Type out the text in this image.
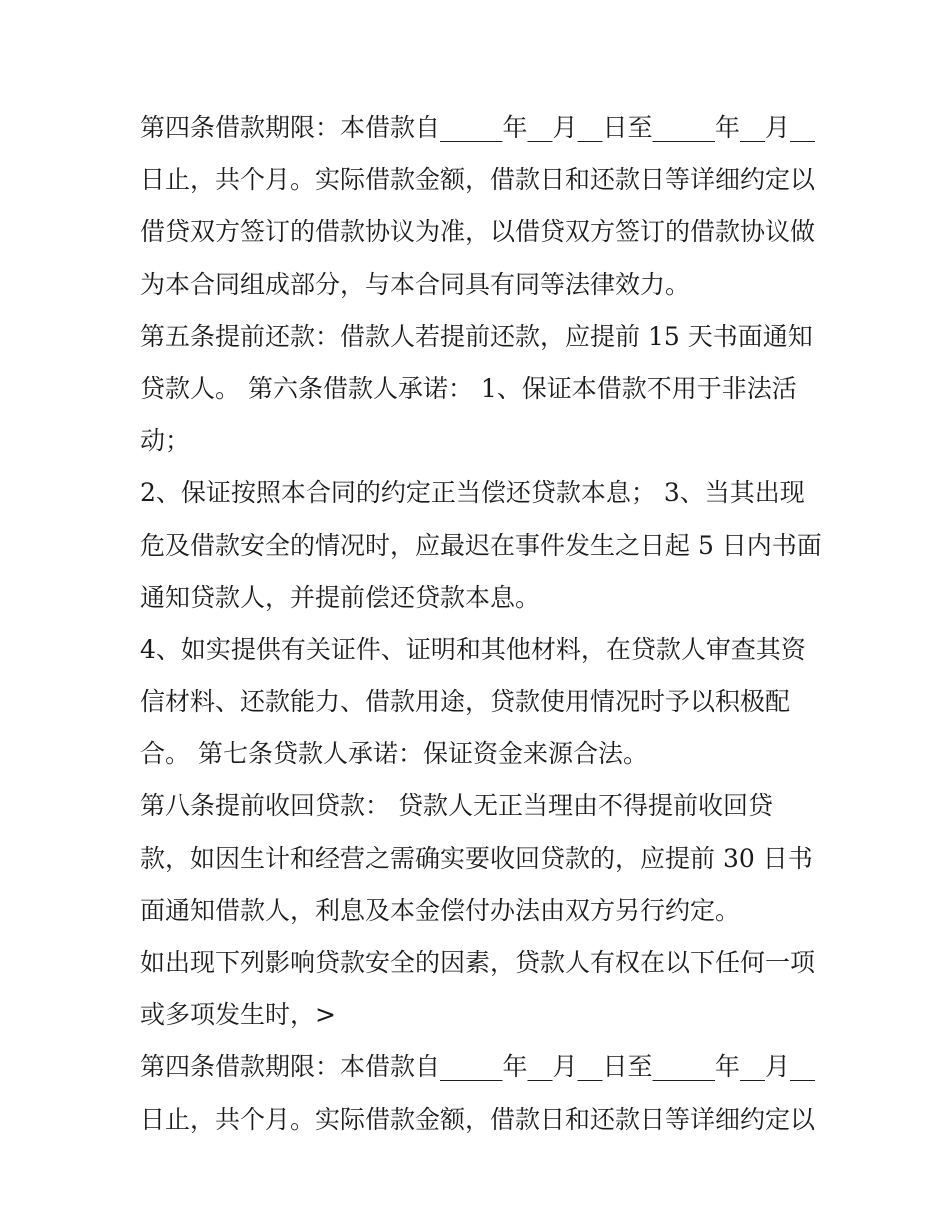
第四条借款期限：本借款自_____年__月__日至_____年__月__
日止，共个月。实际借款金额，借款日和还款日等详细约定以
借贷双方签订的借款协议为准，以借贷双方签订的借款协议做
为本合同组成部分，与本合同具有同等法律效力。
第五条提前还款：借款人若提前还款，应提前 15 天书面通知
贷款人。 第六条借款人承诺： 1、保证本借款不用于非法活
动；
2、保证按照本合同的约定正当偿还贷款本息； 3、当其出现
危及借款安全的情况时，应最迟在事件发生之日起 5 日内书面
通知贷款人，并提前偿还贷款本息。
4、如实提供有关证件、证明和其他材料，在贷款人审查其资
信材料、还款能力、借款用途，贷款使用情况时予以积极配
合。 第七条贷款人承诺：保证资金来源合法。
第八条提前收回贷款： 贷款人无正当理由不得提前收回贷
款，如因生计和经营之需确实要收回贷款的，应提前 30 日书
面通知借款人，利息及本金偿付办法由双方另行约定。
如出现下列影响贷款安全的因素，贷款人有权在以下任何一项
或多项发生时，>
第四条借款期限：本借款自_____年__月__日至_____年__月__
日止，共个月。实际借款金额，借款日和还款日等详细约定以
